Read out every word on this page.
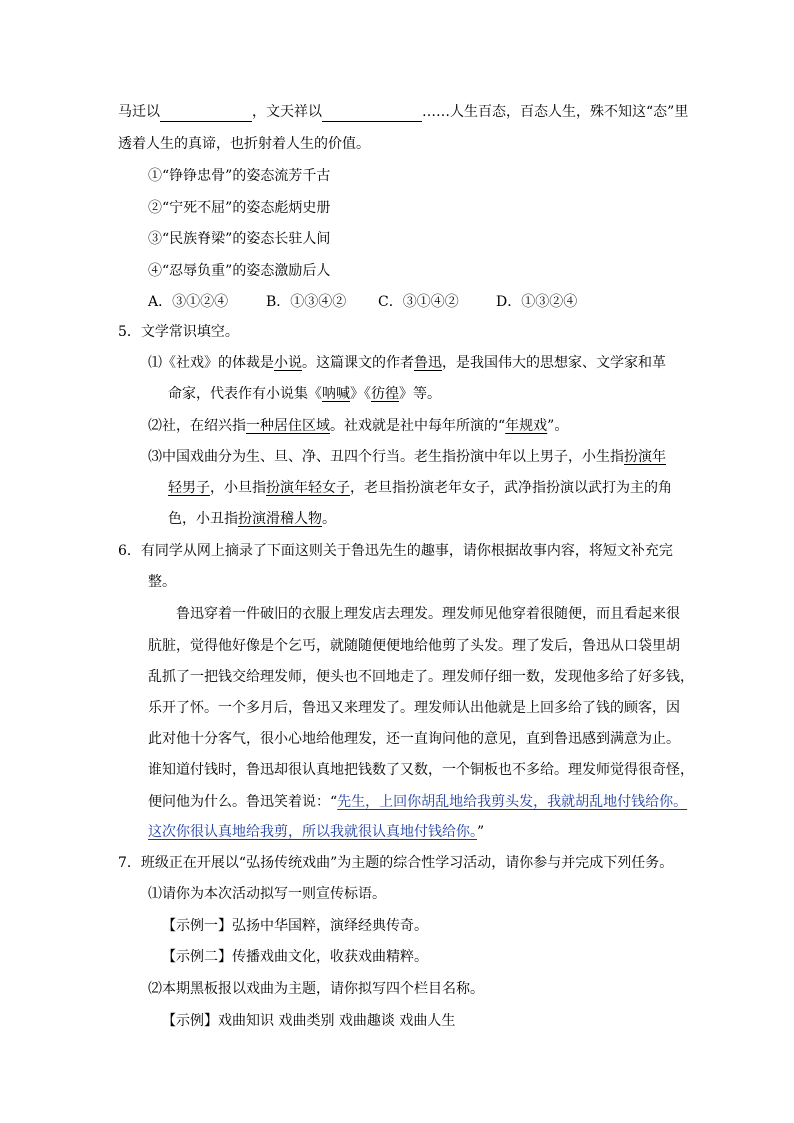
马迁以	，文天祥以	……人生百态，百态人生，殊不知这“态”里
透着人生的真谛，也折射着人生的价值。
①“铮铮忠骨”的姿态流芳千古
②“宁死不屈”的姿态彪炳史册
③“民族脊梁”的姿态长驻人间
④“忍辱负重”的姿态激励后人
A．③①②④	B．①③④② C．③①④②	D．①③②④
5．文学常识填空。
⑴《社戏》的体裁是小说。这篇课文的作者鲁迅，是我国伟大的思想家、文学家和革
命家，代表作有小说集《呐喊》《彷徨》等。
⑵社，在绍兴指一种居住区域。社戏就是社中每年所演的“年规戏”。
⑶中国戏曲分为生、旦、净、丑四个行当。老生指扮演中年以上男子，小生指扮演年
轻男子，小旦指扮演年轻女子，老旦指扮演老年女子，武净指扮演以武打为主的角
色，小丑指扮演滑稽人物。
6．有同学从网上摘录了下面这则关于鲁迅先生的趣事，请你根据故事内容，将短文补充完
整。
鲁迅穿着一件破旧的衣服上理发店去理发。理发师见他穿着很随便，而且看起来很
肮脏，觉得他好像是个乞丐，就随随便便地给他剪了头发。理了发后，鲁迅从口袋里胡
乱抓了一把钱交给理发师，便头也不回地走了。理发师仔细一数，发现他多给了好多钱，
乐开了怀。一个多月后，鲁迅又来理发了。理发师认出他就是上回多给了钱的顾客，因
此对他十分客气，很小心地给他理发，还一直询问他的意见，直到鲁迅感到满意为止。
谁知道付钱时，鲁迅却很认真地把钱数了又数，一个铜板也不多给。理发师觉得很奇怪，
便问他为什么。鲁迅笑着说：“先生，上回你胡乱地给我剪头发，我就胡乱地付钱给你。
这次你很认真地给我剪，所以我就很认真地付钱给你。”
7．班级正在开展以“弘扬传统戏曲”为主题的综合性学习活动，请你参与并完成下列任务。
⑴请你为本次活动拟写一则宣传标语。
【示例一】弘扬中华国粹，演绎经典传奇。
【示例二】传播戏曲文化，收获戏曲精粹。
⑵本期黑板报以戏曲为主题，请你拟写四个栏目名称。
【示例】戏曲知识 戏曲类别 戏曲趣谈 戏曲人生
